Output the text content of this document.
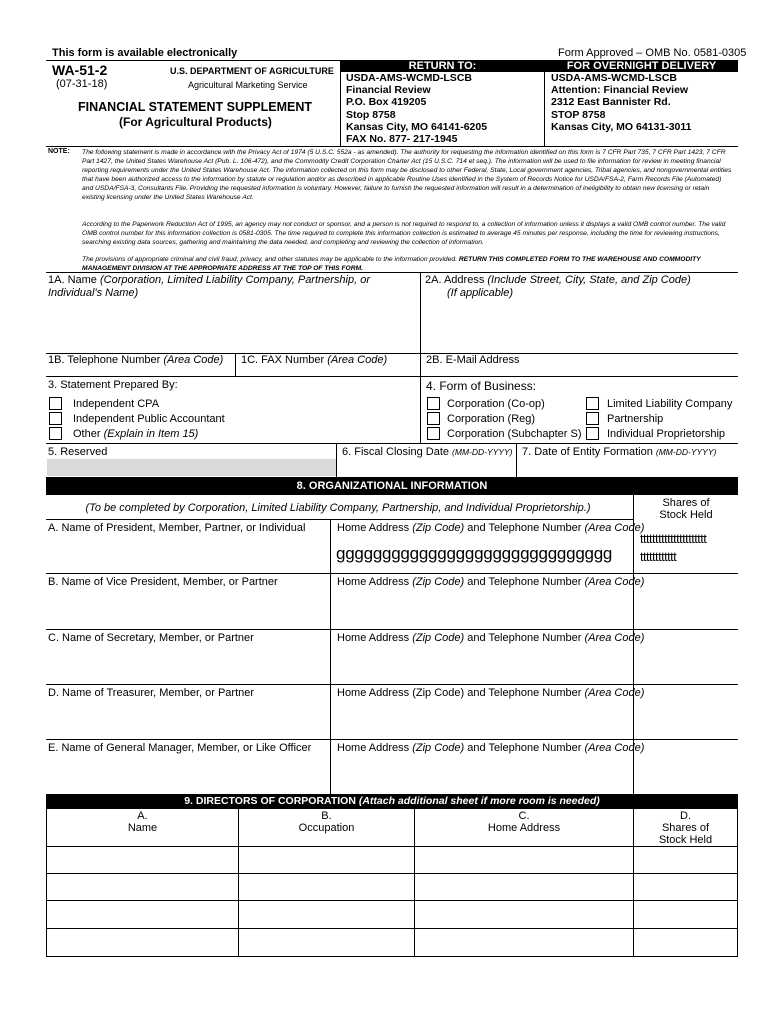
This form is available electronically	Form Approved – OMB No. 0581-0305
WA-51-2
(07-31-18)
U.S. DEPARTMENT OF AGRICULTURE
Agricultural Marketing Service
FINANCIAL STATEMENT SUPPLEMENT
(For Agricultural Products)
RETURN TO:
USDA-AMS-WCMD-LSCB
Financial Review
P.O. Box 419205
Stop 8758
Kansas City, MO 64141-6205
FAX No. 877- 217-1945
FOR OVERNIGHT DELIVERY
USDA-AMS-WCMD-LSCB
Attention: Financial Review
2312 East Bannister Rd.
STOP 8758
Kansas City, MO 64131-3011
NOTE: The following statement is made in accordance with the Privacy Act of 1974 (5 U.S.C. 552a - as amended). The authority for requesting the information identified on this form is 7 CFR Part 735, 7 CFR Part 1423, 7 CFR Part 1427, the United States Warehouse Act (Pub. L. 106-472), and the Commodity Credit Corporation Charter Act (15 U.S.C. 714 et seq.). The information will be used to file information for review in meeting financial reporting requirements under the United States Warehouse Act. The information collected on this form may be disclosed to other Federal, State, Local government agencies, Tribal agencies, and nongovernmental entities that have been authorized access to the information by statute or regulation and/or as described in applicable Routine Uses identified in the System of Records Notice for USDA/FSA-2, Farm Records File (Automated) and USDA/FSA-3, Consultants File. Providing the requested information is voluntary. However, failure to furnish the requested information will result in a determination of ineligibility to obtain new licensing or retain existing licensing under the United States Warehouse Act.
According to the Paperwork Reduction Act of 1995, an agency may not conduct or sponsor, and a person is not required to respond to, a collection of information unless it displays a valid OMB control number. The valid OMB control number for this information collection is 0581-0305. The time required to complete this information collection is estimated to average 45 minutes per response, including the time for reviewing instructions, searching existing data sources, gathering and maintaining the data needed, and completing and reviewing the collection of information.
The provisions of appropriate criminal and civil fraud, privacy, and other statutes may be applicable to the information provided. RETURN THIS COMPLETED FORM TO THE WAREHOUSE AND COMMODITY MANAGEMENT DIVISION AT THE APPROPRIATE ADDRESS AT THE TOP OF THIS FORM.
1A. Name (Corporation, Limited Liability Company, Partnership, or Individual's Name)
2A. Address (Include Street, City, State, and Zip Code)
(If applicable)
1B. Telephone Number (Area Code) 1C. FAX Number (Area Code)	2B. E-Mail Address
3. Statement Prepared By:	4. Form of Business:
Independent CPA
Independent Public Accountant
Other (Explain in Item 15)
Corporation (Co-op)
Corporation (Reg)
Corporation (Subchapter S)
Limited Liability Company
Partnership
Individual Proprietorship
5. Reserved	6. Fiscal Closing Date (MM-DD-YYYY) 7. Date of Entity Formation (MM-DD-YYYY)
8. ORGANIZATIONAL INFORMATION
(To be completed by Corporation, Limited Liability Company, Partnership, and Individual Proprietorship.)	Shares of
Stock Held
A. Name of President, Member, Partner, or Individual	Home Address (Zip Code) and Telephone Number (Area Code)
gggggggggggggggggggggggggggggg
tttttttttttttttttttttt
tttttttttttt
B. Name of Vice President, Member, or Partner	Home Address (Zip Code) and Telephone Number (Area Code)
C. Name of Secretary, Member, or Partner	Home Address (Zip Code) and Telephone Number (Area Code)
D. Name of Treasurer, Member, or Partner	Home Address (Zip Code) and Telephone Number (Area Code)
E. Name of General Manager, Member, or Like Officer Home Address (Zip Code) and Telephone Number (Area Code)
9. DIRECTORS OF CORPORATION (Attach additional sheet if more room is needed)
A.
Name
B.
Occupation
C.
Home Address
D.
Shares of
Stock Held
